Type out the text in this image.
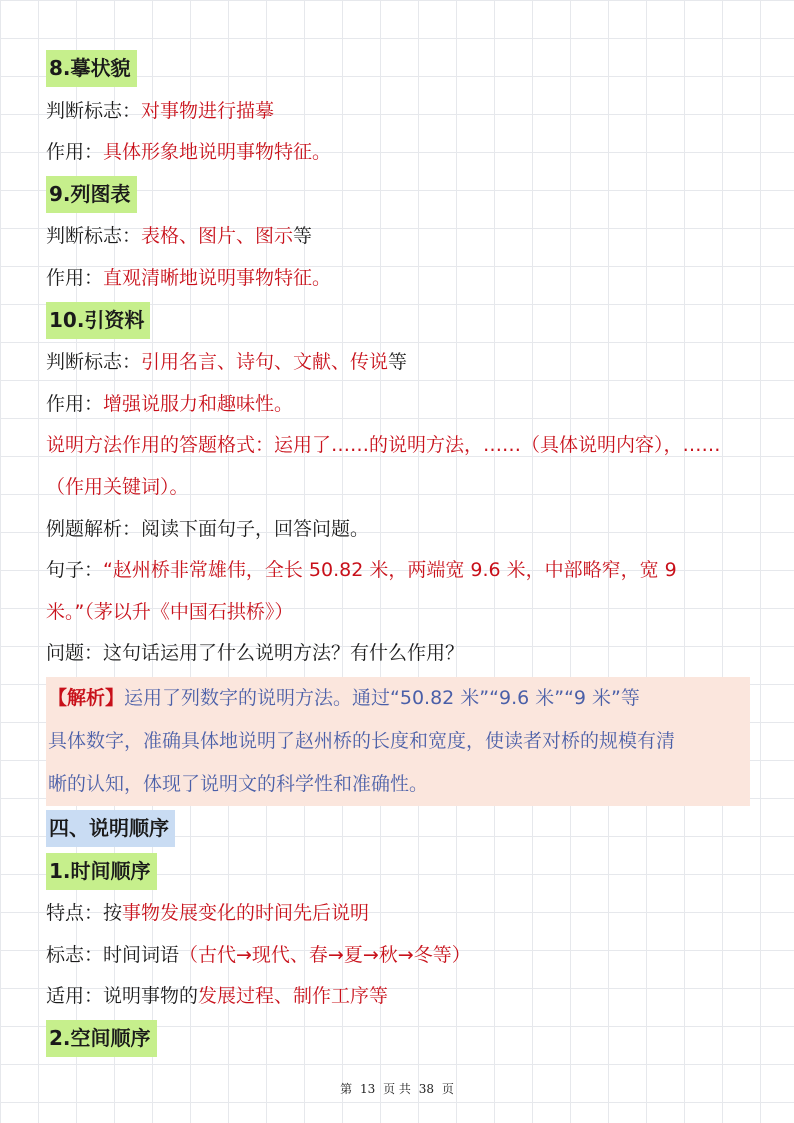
8.摹状貌
判断标志：对事物进行描摹
作用：具体形象地说明事物特征。
9.列图表
判断标志：表格、图片、图示等
作用：直观清晰地说明事物特征。
10.引资料
判断标志：引用名言、诗句、文献、传说等
作用：增强说服力和趣味性。
说明方法作用的答题格式：运用了……的说明方法，……（具体说明内容），……
（作用关键词）。
例题解析：阅读下面句子，回答问题。
句子：“赵州桥非常雄伟，全长 50.82 米，两端宽 9.6 米，中部略窄，宽 9
米。”（茅以升《中国石拱桥》）
问题：这句话运用了什么说明方法？有什么作用？
【解析】运用了列数字的说明方法。通过“50.82 米”“9.6 米”“9 米”等
具体数字，准确具体地说明了赵州桥的长度和宽度，使读者对桥的规模有清
晰的认知，体现了说明文的科学性和准确性。
四、说明顺序
1.时间顺序
特点：按事物发展变化的时间先后说明
标志：时间词语（古代→现代、春→夏→秋→冬等）
适用：说明事物的发展过程、制作工序等
2.空间顺序
第 13 页 共 38 页
